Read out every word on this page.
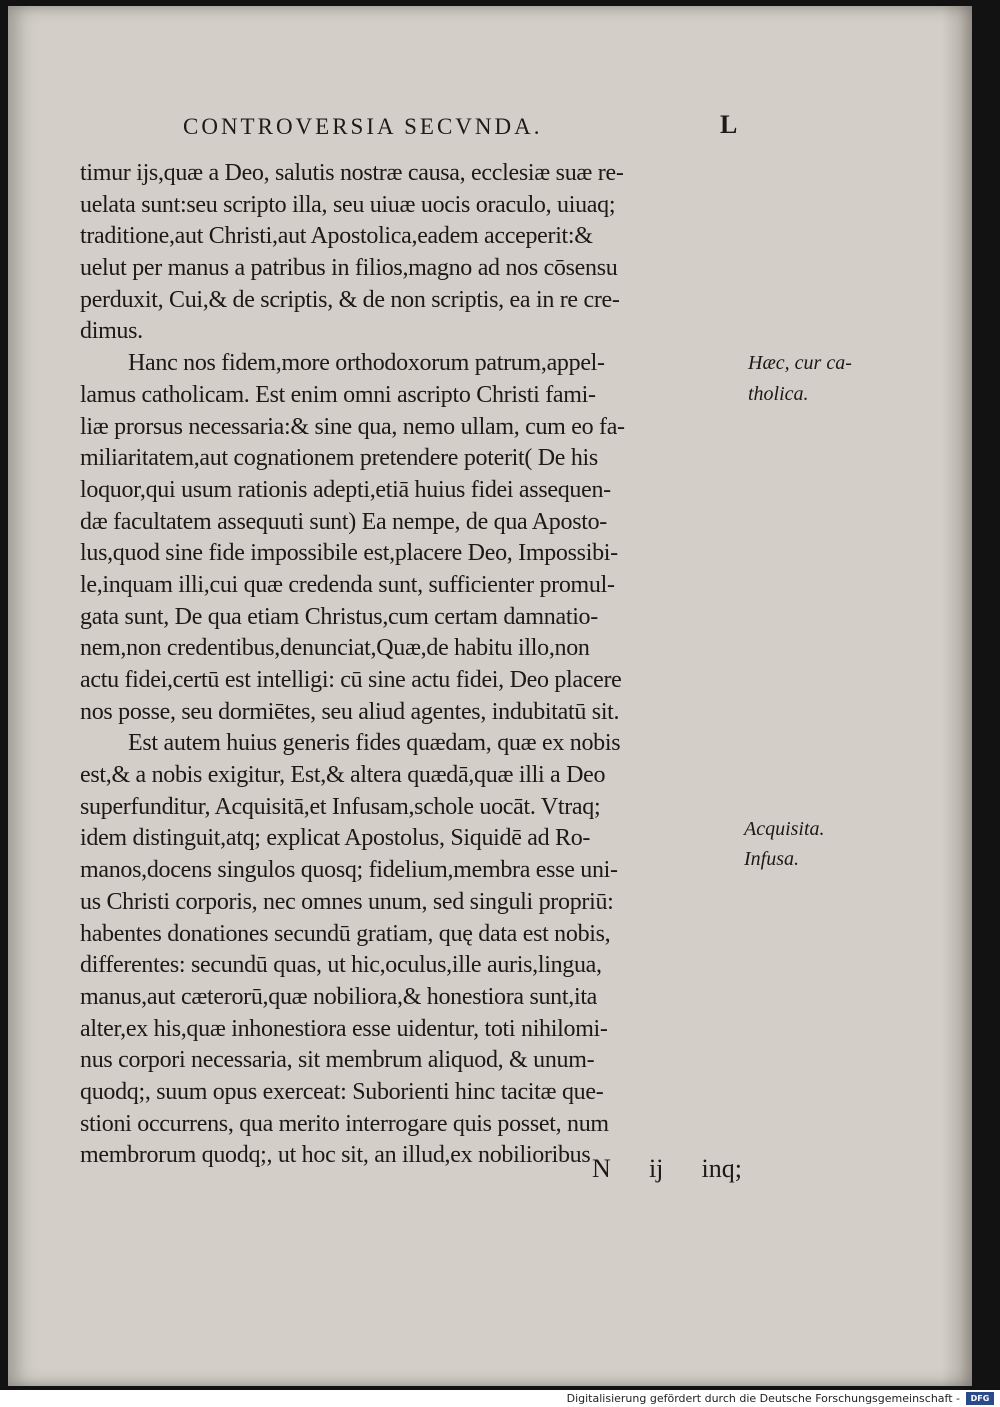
CONTROVERSIA SECVNDA.	L
timur ijs,quæ a Deo, salutis nostræ causa, ecclesiæ suæ re-
uelata sunt:seu scripto illa, seu uiuæ uocis oraculo, uiuaq;
traditione,aut Christi,aut Apostolica,eadem acceperit:&
uelut per manus a patribus in filios,magno ad nos cōsensu
perduxit, Cui,& de scriptis, & de non scriptis, ea in re cre-
dimus.
Hanc nos fidem,more orthodoxorum patrum,appel-
lamus catholicam. Est enim omni ascripto Christi fami-
liæ prorsus necessaria:& sine qua, nemo ullam, cum eo fa-
miliaritatem,aut cognationem pretendere poterit( De his
loquor,qui usum rationis adepti,etiā huius fidei assequen-
dæ facultatem assequuti sunt) Ea nempe, de qua Aposto-
lus,quod sine fide impossibile est,placere Deo, Impossibi-
le,inquam illi,cui quæ credenda sunt, sufficienter promul-
gata sunt, De qua etiam Christus,cum certam damnatio-
nem,non credentibus,denunciat,Quæ,de habitu illo,non
actu fidei,certū est intelligi: cū sine actu fidei, Deo placere
nos posse, seu dormiētes, seu aliud agentes, indubitatū sit.
Est autem huius generis fides quædam, quæ ex nobis
est,& a nobis exigitur, Est,& altera quædā,quæ illi a Deo
superfunditur, Acquisitā,et Infusam,schole uocāt. Vtraq;
idem distinguit,atq; explicat Apostolus, Siquidē ad Ro-
manos,docens singulos quosq; fidelium,membra esse uni-
us Christi corporis, nec omnes unum, sed singuli propriū:
habentes donationes secundū gratiam, quę data est nobis,
differentes: secundū quas, ut hic,oculus,ille auris,lingua,
manus,aut cæterorū,quæ nobiliora,& honestiora sunt,ita
alter,ex his,quæ inhonestiora esse uidentur, toti nihilomi-
nus corpori necessaria, sit membrum aliquod, & unum-
quodq;, suum opus exerceat: Suborienti hinc tacitæ que-
stioni occurrens, qua merito interrogare quis posset, num
membrorum quodq;, ut hoc sit, an illud,ex nobilioribus
Hæc, cur ca-
tholica.
Acquisita.
Infusa.
N ij inq;
Digitalisierung gefördert durch die Deutsche Forschungsgemeinschaft -	DFG
